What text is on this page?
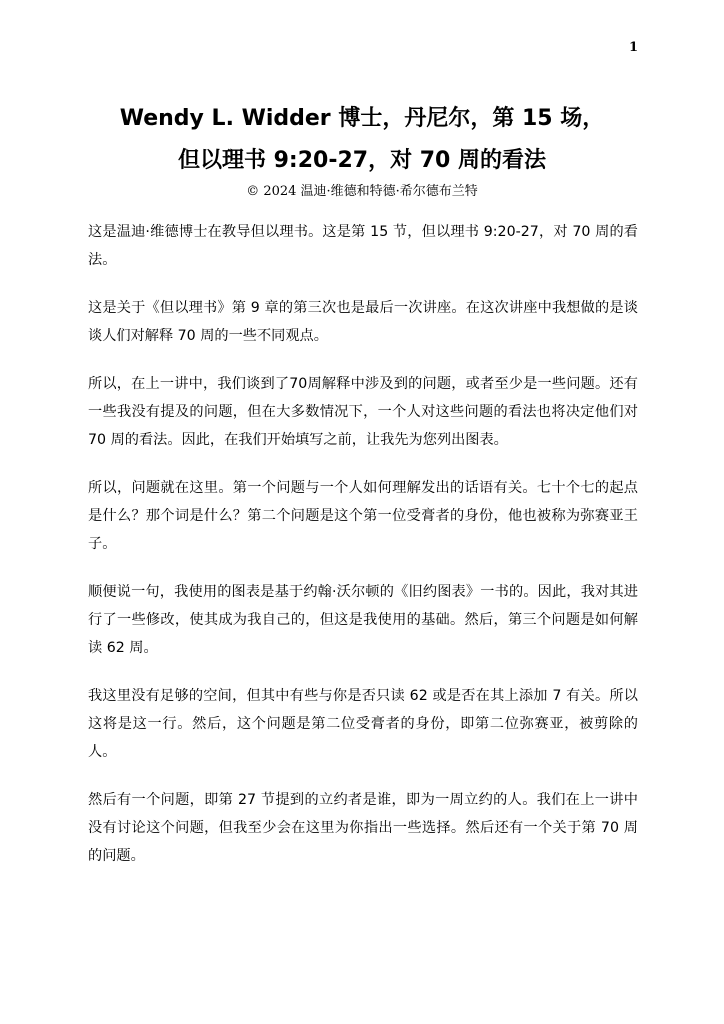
1
Wendy L. Widder 博士，丹尼尔，第 15 场，
但以理书 9:20-27，对 70 周的看法
© 2024 温迪·维德和特德·希尔德布兰特

这是温迪·维德博士在教导但以理书。这是第 15 节，但以理书 9:20-27，对 70 周的看法。

这是关于《但以理书》第 9 章的第三次也是最后一次讲座。在这次讲座中我想做的是谈谈人们对解释 70 周的一些不同观点。

所以，在上一讲中，我们谈到了70周解释中涉及到的问题，或者至少是一些问题。还有一些我没有提及的问题，但在大多数情况下，一个人对这些问题的看法也将决定他们对 70 周的看法。因此，在我们开始填写之前，让我先为您列出图表。

所以，问题就在这里。第一个问题与一个人如何理解发出的话语有关。七十个七的起点是什么？那个词是什么？第二个问题是这个第一位受膏者的身份，他也被称为弥赛亚王子。

顺便说一句，我使用的图表是基于约翰·沃尔顿的《旧约图表》一书的。因此，我对其进行了一些修改，使其成为我自己的，但这是我使用的基础。然后，第三个问题是如何解读 62 周。

我这里没有足够的空间，但其中有些与你是否只读 62 或是否在其上添加 7 有关。所以这将是这一行。然后，这个问题是第二位受膏者的身份，即第二位弥赛亚，被剪除的人。

然后有一个问题，即第 27 节提到的立约者是谁，即为一周立约的人。我们在上一讲中没有讨论这个问题，但我至少会在这里为你指出一些选择。然后还有一个关于第 70 周的问题。
